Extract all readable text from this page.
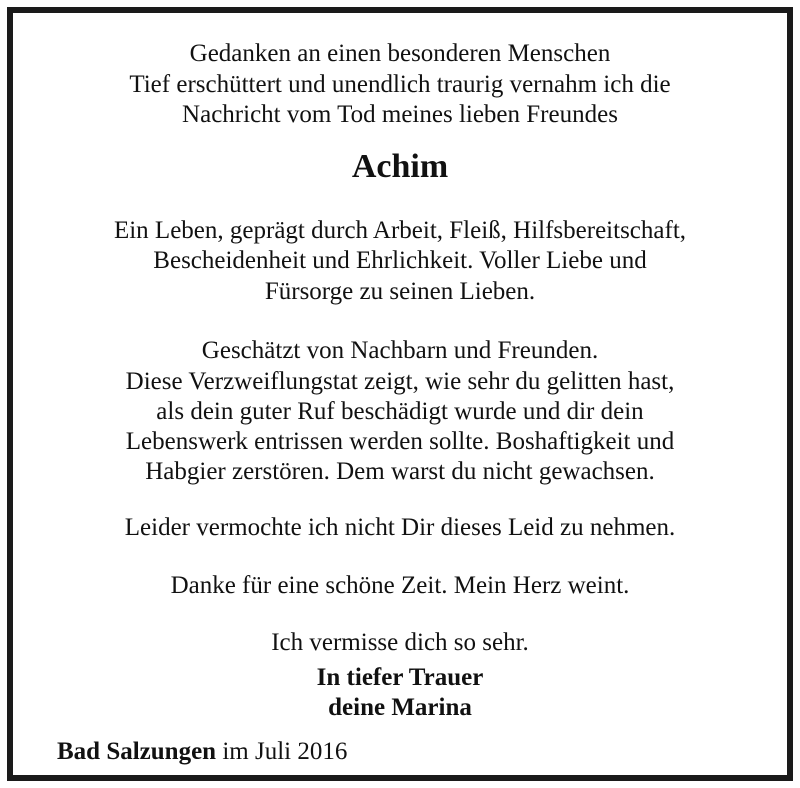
Gedanken an einen besonderen Menschen
Tief erschüttert und unendlich traurig vernahm ich die
Nachricht vom Tod meines lieben Freundes
Achim
Ein Leben, geprägt durch Arbeit, Fleiß, Hilfsbereitschaft,
Bescheidenheit und Ehrlichkeit. Voller Liebe und
Fürsorge zu seinen Lieben.
Geschätzt von Nachbarn und Freunden.
Diese Verzweiflungstat zeigt, wie sehr du gelitten hast,
als dein guter Ruf beschädigt wurde und dir dein
Lebenswerk entrissen werden sollte. Boshaftigkeit und
Habgier zerstören. Dem warst du nicht gewachsen.
Leider vermochte ich nicht Dir dieses Leid zu nehmen.
Danke für eine schöne Zeit. Mein Herz weint.
Ich vermisse dich so sehr.
In tiefer Trauer
deine Marina
Bad Salzungen im Juli 2016
